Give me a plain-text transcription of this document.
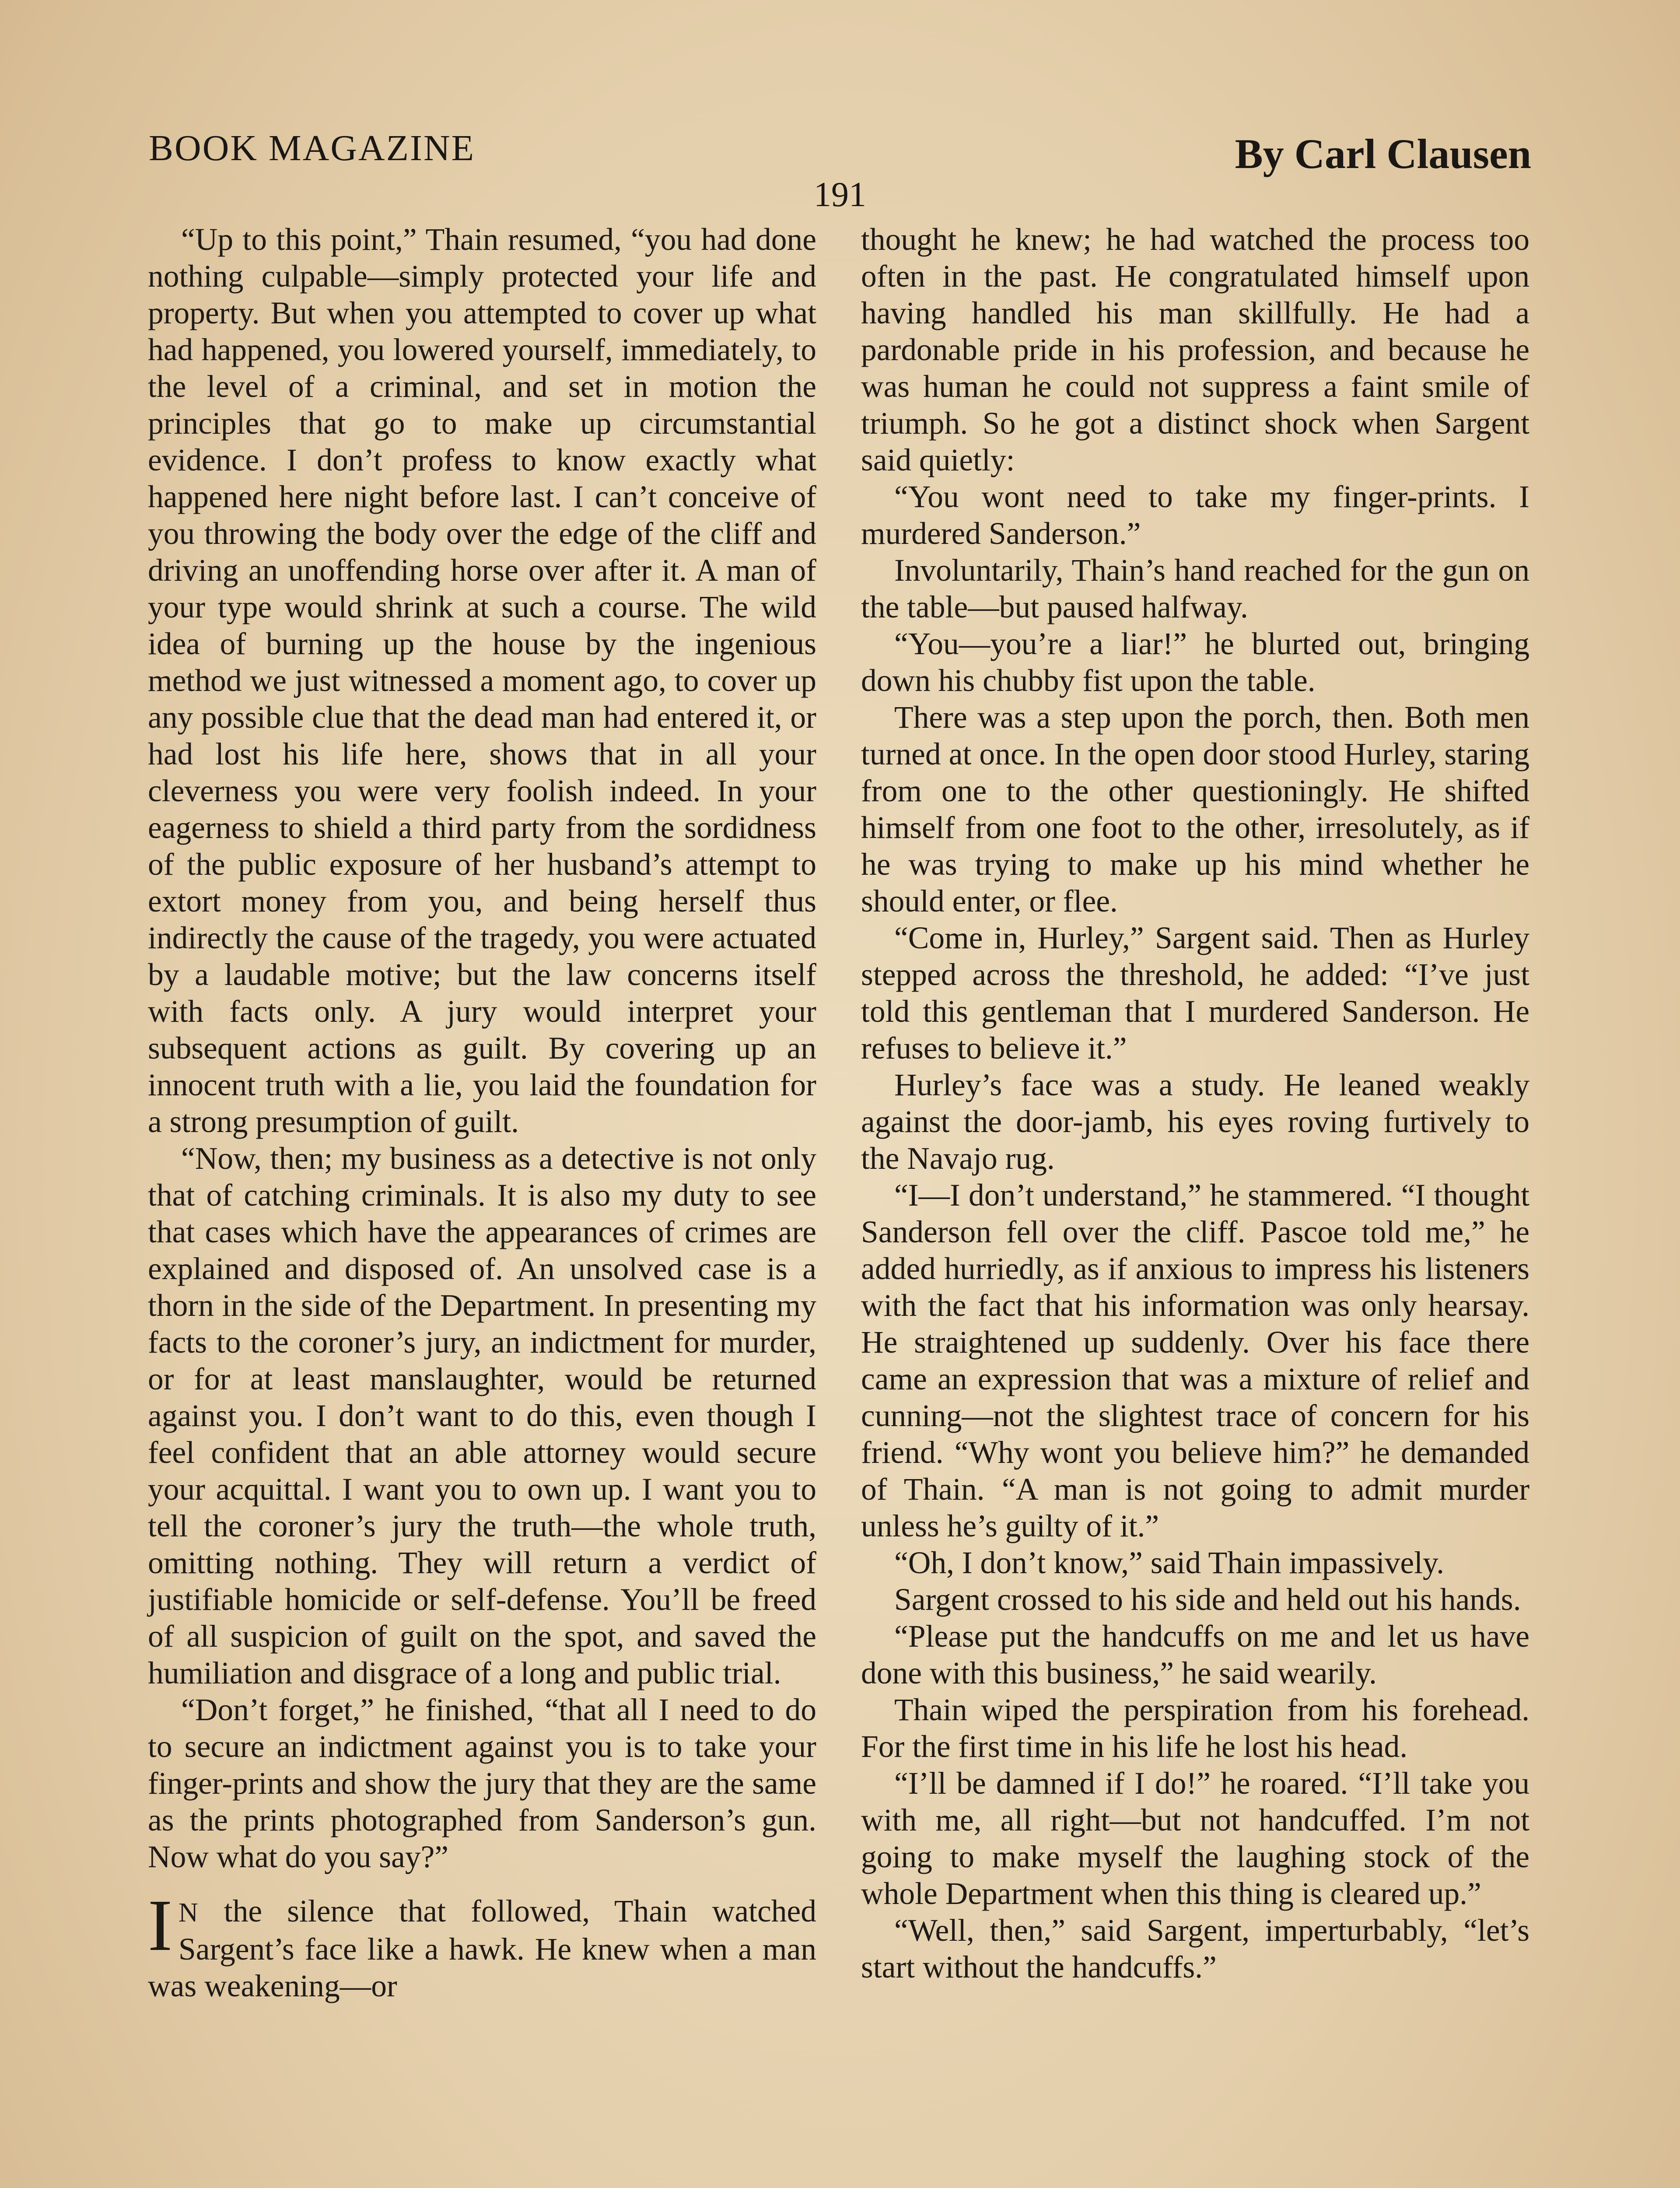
BOOK MAGAZINE	By Carl Clausen
191

“Up to this point,” Thain resumed, “you had done nothing culpable—simply protected your life and property. But when you attempted to cover up what had happened, you lowered yourself, immediately, to the level of a criminal, and set in motion the principles that go to make up circumstantial evidence. I don’t profess to know exactly what happened here night before last. I can’t conceive of you throwing the body over the edge of the cliff and driving an unoffending horse over after it. A man of your type would shrink at such a course. The wild idea of burning up the house by the ingenious method we just witnessed a moment ago, to cover up any possible clue that the dead man had entered it, or had lost his life here, shows that in all your cleverness you were very foolish indeed. In your eagerness to shield a third party from the sordidness of the public exposure of her husband’s attempt to extort money from you, and being herself thus indirectly the cause of the tragedy, you were actuated by a laudable motive; but the law concerns itself with facts only. A jury would interpret your subsequent actions as guilt. By covering up an innocent truth with a lie, you laid the foundation for a strong presumption of guilt.

“Now, then; my business as a detective is not only that of catching criminals. It is also my duty to see that cases which have the appearances of crimes are explained and disposed of. An unsolved case is a thorn in the side of the Department. In presenting my facts to the coroner’s jury, an indictment for murder, or for at least manslaughter, would be returned against you. I don’t want to do this, even though I feel confident that an able attorney would secure your acquittal. I want you to own up. I want you to tell the coroner’s jury the truth—the whole truth, omitting nothing. They will return a verdict of justifiable homicide or self-defense. You’ll be freed of all suspicion of guilt on the spot, and saved the humiliation and disgrace of a long and public trial.

“Don’t forget,” he finished, “that all I need to do to secure an indictment against you is to take your finger-prints and show the jury that they are the same as the prints photographed from Sanderson’s gun. Now what do you say?”

I N the silence that followed, Thain watched Sargent’s face like a hawk. He knew when a man was weakening—or

thought he knew; he had watched the process too often in the past. He congratulated himself upon having handled his man skillfully. He had a pardonable pride in his profession, and because he was human he could not suppress a faint smile of triumph. So he got a distinct shock when Sargent said quietly:

“You wont need to take my finger-prints. I murdered Sanderson.”

Involuntarily, Thain’s hand reached for the gun on the table—but paused halfway.

“You—you’re a liar!” he blurted out, bringing down his chubby fist upon the table.

There was a step upon the porch, then. Both men turned at once. In the open door stood Hurley, staring from one to the other questioningly. He shifted himself from one foot to the other, irresolutely, as if he was trying to make up his mind whether he should enter, or flee.

“Come in, Hurley,” Sargent said. Then as Hurley stepped across the threshold, he added: “I’ve just told this gentleman that I murdered Sanderson. He refuses to believe it.”

Hurley’s face was a study. He leaned weakly against the door-jamb, his eyes roving furtively to the Navajo rug.

“I—I don’t understand,” he stammered. “I thought Sanderson fell over the cliff. Pascoe told me,” he added hurriedly, as if anxious to impress his listeners with the fact that his information was only hearsay. He straightened up suddenly. Over his face there came an expression that was a mixture of relief and cunning—not the slightest trace of concern for his friend. “Why wont you believe him?” he demanded of Thain. “A man is not going to admit murder unless he’s guilty of it.”

“Oh, I don’t know,” said Thain impassively.

Sargent crossed to his side and held out his hands.

“Please put the handcuffs on me and let us have done with this business,” he said wearily.

Thain wiped the perspiration from his forehead. For the first time in his life he lost his head.

“I’ll be damned if I do!” he roared. “I’ll take you with me, all right—but not handcuffed. I’m not going to make myself the laughing stock of the whole Department when this thing is cleared up.”

“Well, then,” said Sargent, imperturbably, “let’s start without the handcuffs.”
